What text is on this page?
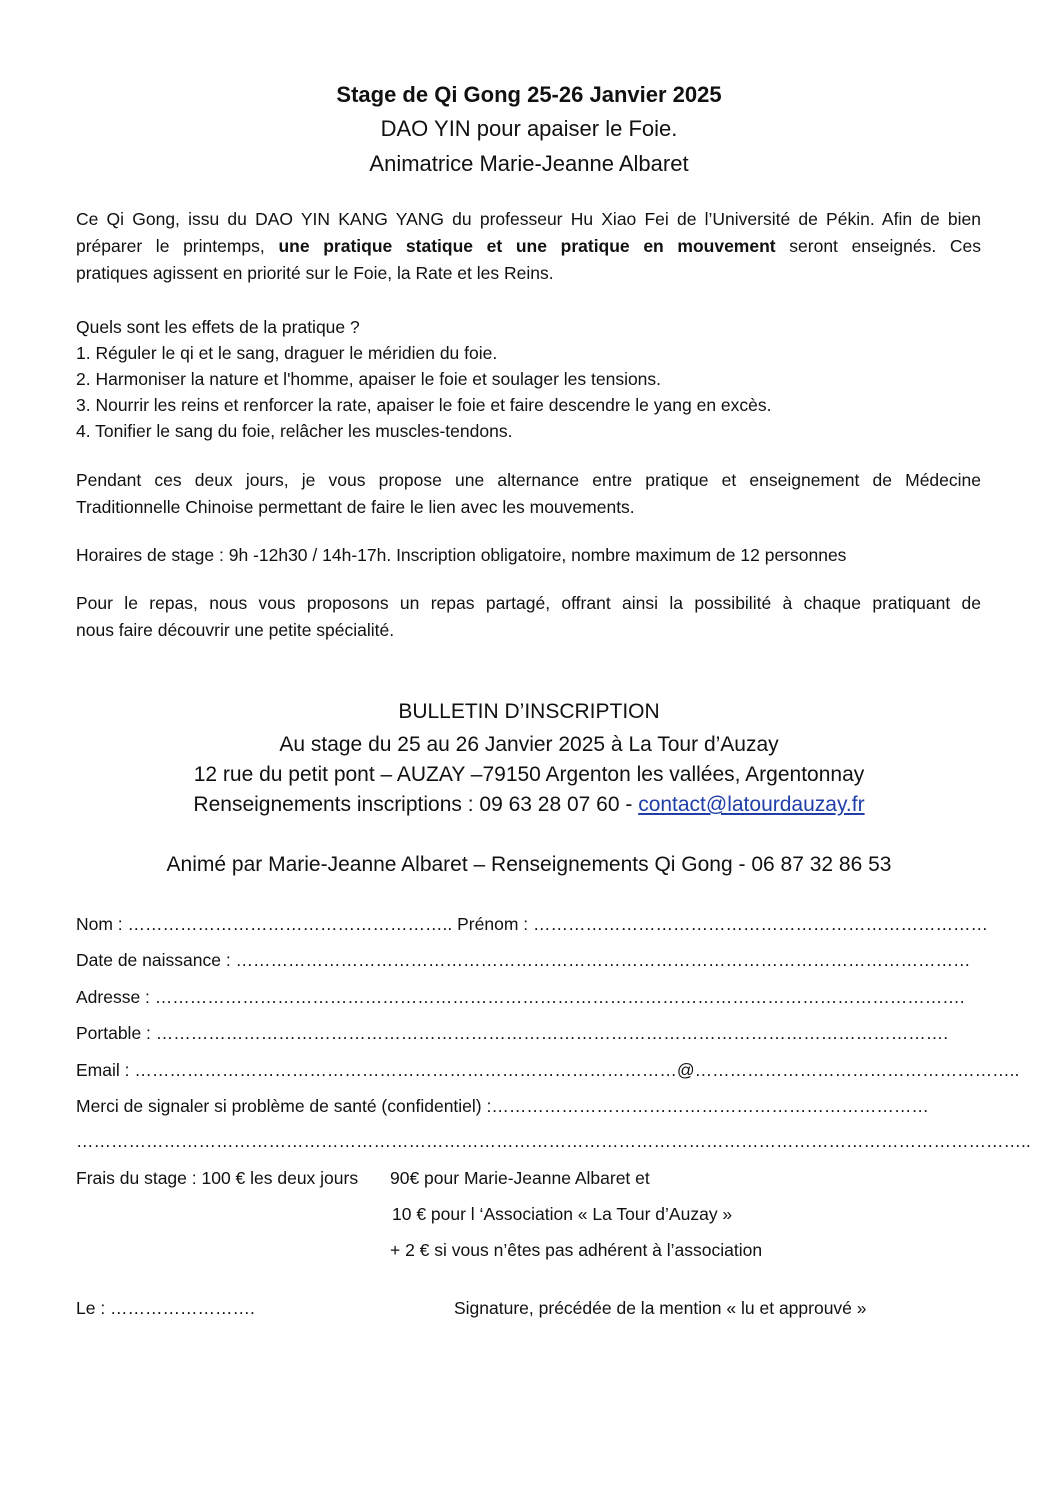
Stage de Qi Gong 25-26 Janvier 2025
DAO YIN pour apaiser le Foie.
Animatrice Marie-Jeanne Albaret
Ce Qi Gong, issu du DAO YIN KANG YANG du professeur Hu Xiao Fei de l’Université de Pékin. Afin de bien
préparer le printemps, une pratique statique et une pratique en mouvement seront enseignés. Ces
pratiques agissent en priorité sur le Foie, la Rate et les Reins.
Quels sont les effets de la pratique ?
1. Réguler le qi et le sang, draguer le méridien du foie.
2. Harmoniser la nature et l'homme, apaiser le foie et soulager les tensions.
3. Nourrir les reins et renforcer la rate, apaiser le foie et faire descendre le yang en excès.
4. Tonifier le sang du foie, relâcher les muscles-tendons.
Pendant ces deux jours, je vous propose une alternance entre pratique et enseignement de Médecine
Traditionnelle Chinoise permettant de faire le lien avec les mouvements.
Horaires de stage : 9h -12h30 / 14h-17h. Inscription obligatoire, nombre maximum de 12 personnes
Pour le repas, nous vous proposons un repas partagé, offrant ainsi la possibilité à chaque pratiquant de
nous faire découvrir une petite spécialité.
BULLETIN D’INSCRIPTION
Au stage du 25 au 26 Janvier 2025 à La Tour d’Auzay
12 rue du petit pont – AUZAY –79150 Argenton les vallées, Argentonnay
Renseignements inscriptions : 09 63 28 07 60 - contact@latourdauzay.fr
Animé par Marie-Jeanne Albaret – Renseignements Qi Gong - 06 87 32 86 53
Nom : ……………………………………………….. Prénom : ……………………………………………………………………
Date de naissance : ………………………………………………………………………………………………………………
Adresse : ………………………………………………………………………………………………………………………….
Portable : ……………………………………………………………………………………………………………………….
Email : …………………………………………………………………………………@………………………………………………..
Merci de signaler si problème de santé (confidentiel) :…………………………………………………………………
………………………………………………………………………………………………………………………………………………..
Frais du stage : 100 € les deux jours 90€ pour Marie-Jeanne Albaret et
10 € pour l ‘Association « La Tour d’Auzay »
+ 2 € si vous n’êtes pas adhérent à l’association
Le : …………………….	Signature, précédée de la mention « lu et approuvé »
